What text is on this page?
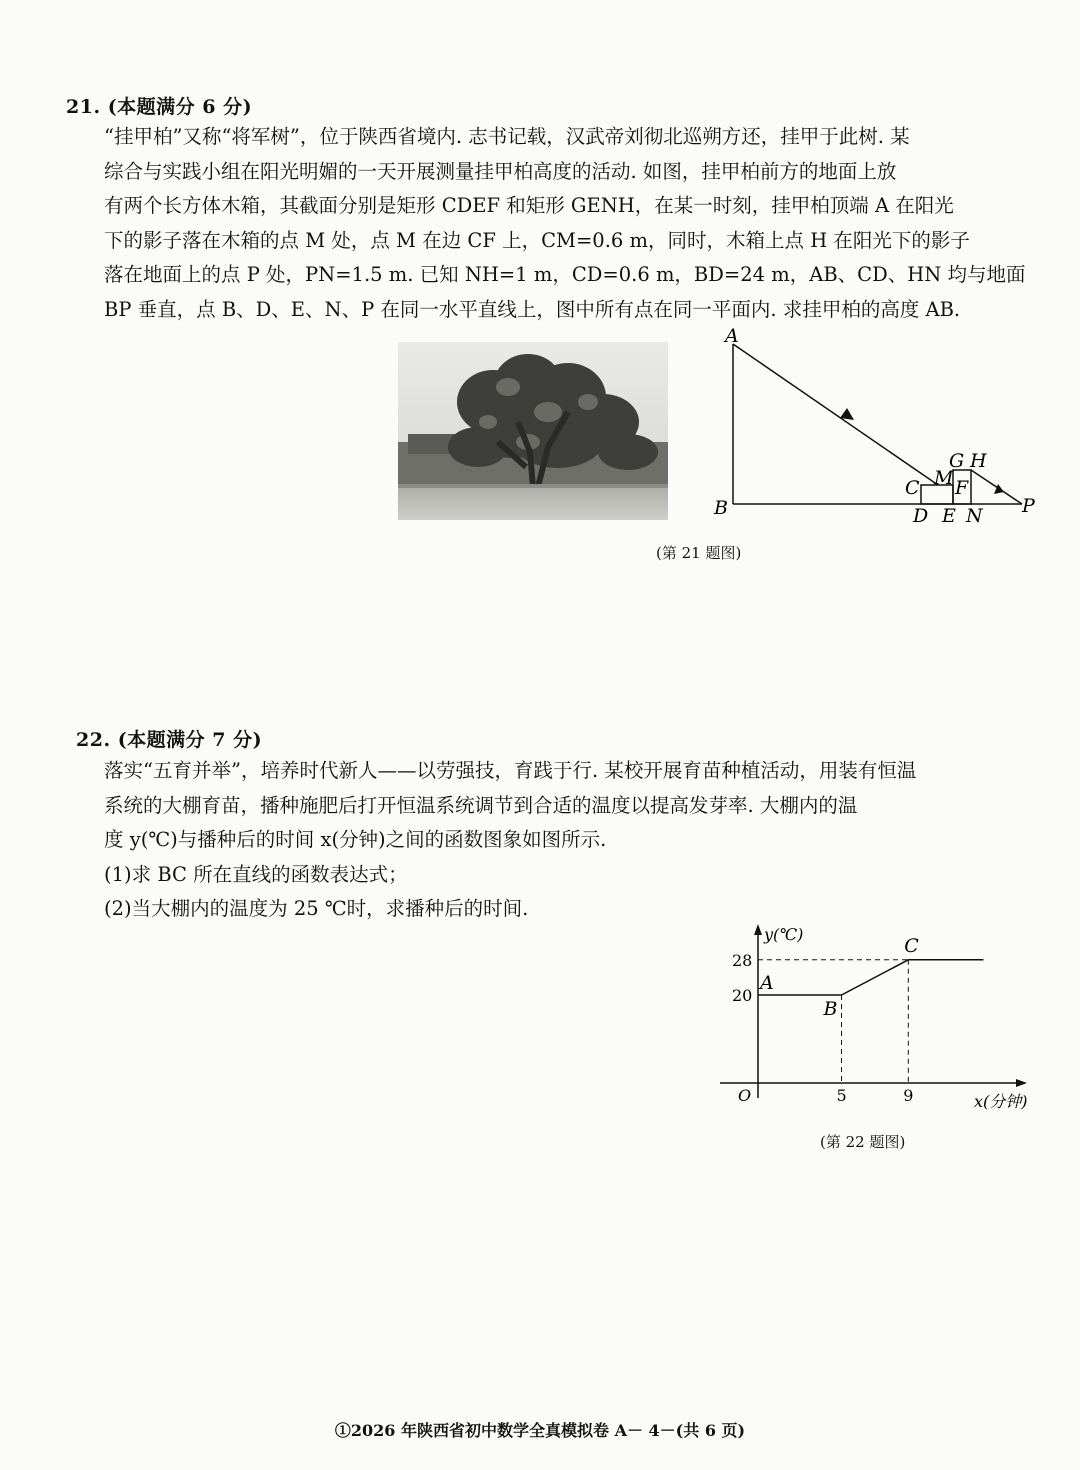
21. (本题满分 6 分)
“挂甲柏”又称“将军树”，位于陕西省境内. 志书记载，汉武帝刘彻北巡朔方还，挂甲于此树. 某
综合与实践小组在阳光明媚的一天开展测量挂甲柏高度的活动. 如图，挂甲柏前方的地面上放
有两个长方体木箱，其截面分别是矩形 CDEF 和矩形 GENH，在某一时刻，挂甲柏顶端 A 在阳光
下的影子落在木箱的点 M 处，点 M 在边 CF 上，CM=0.6 m，同时，木箱上点 H 在阳光下的影子
落在地面上的点 P 处，PN=1.5 m. 已知 NH=1 m，CD=0.6 m，BD=24 m，AB、CD、HN 均与地面
BP 垂直，点 B、D、E、N、P 在同一水平直线上，图中所有点在同一平面内. 求挂甲柏的高度 AB.
A
B
C M
G H
F
D E N P
(第 21 题图)
22. (本题满分 7 分)
落实“五育并举”，培养时代新人——以劳强技，育践于行. 某校开展育苗种植活动，用装有恒温
系统的大棚育苗，播种施肥后打开恒温系统调节到合适的温度以提高发芽率. 大棚内的温
度 y(℃)与播种后的时间 x(分钟)之间的函数图象如图所示.
(1)求 BC 所在直线的函数表达式；
(2)当大棚内的温度为 25 ℃时，求播种后的时间.
5	9
20
28
A
B
C
y(℃)
x(分钟)
O
(第 22 题图)
①2026 年陕西省初中数学全真模拟卷 A－ 4－(共 6 页)
